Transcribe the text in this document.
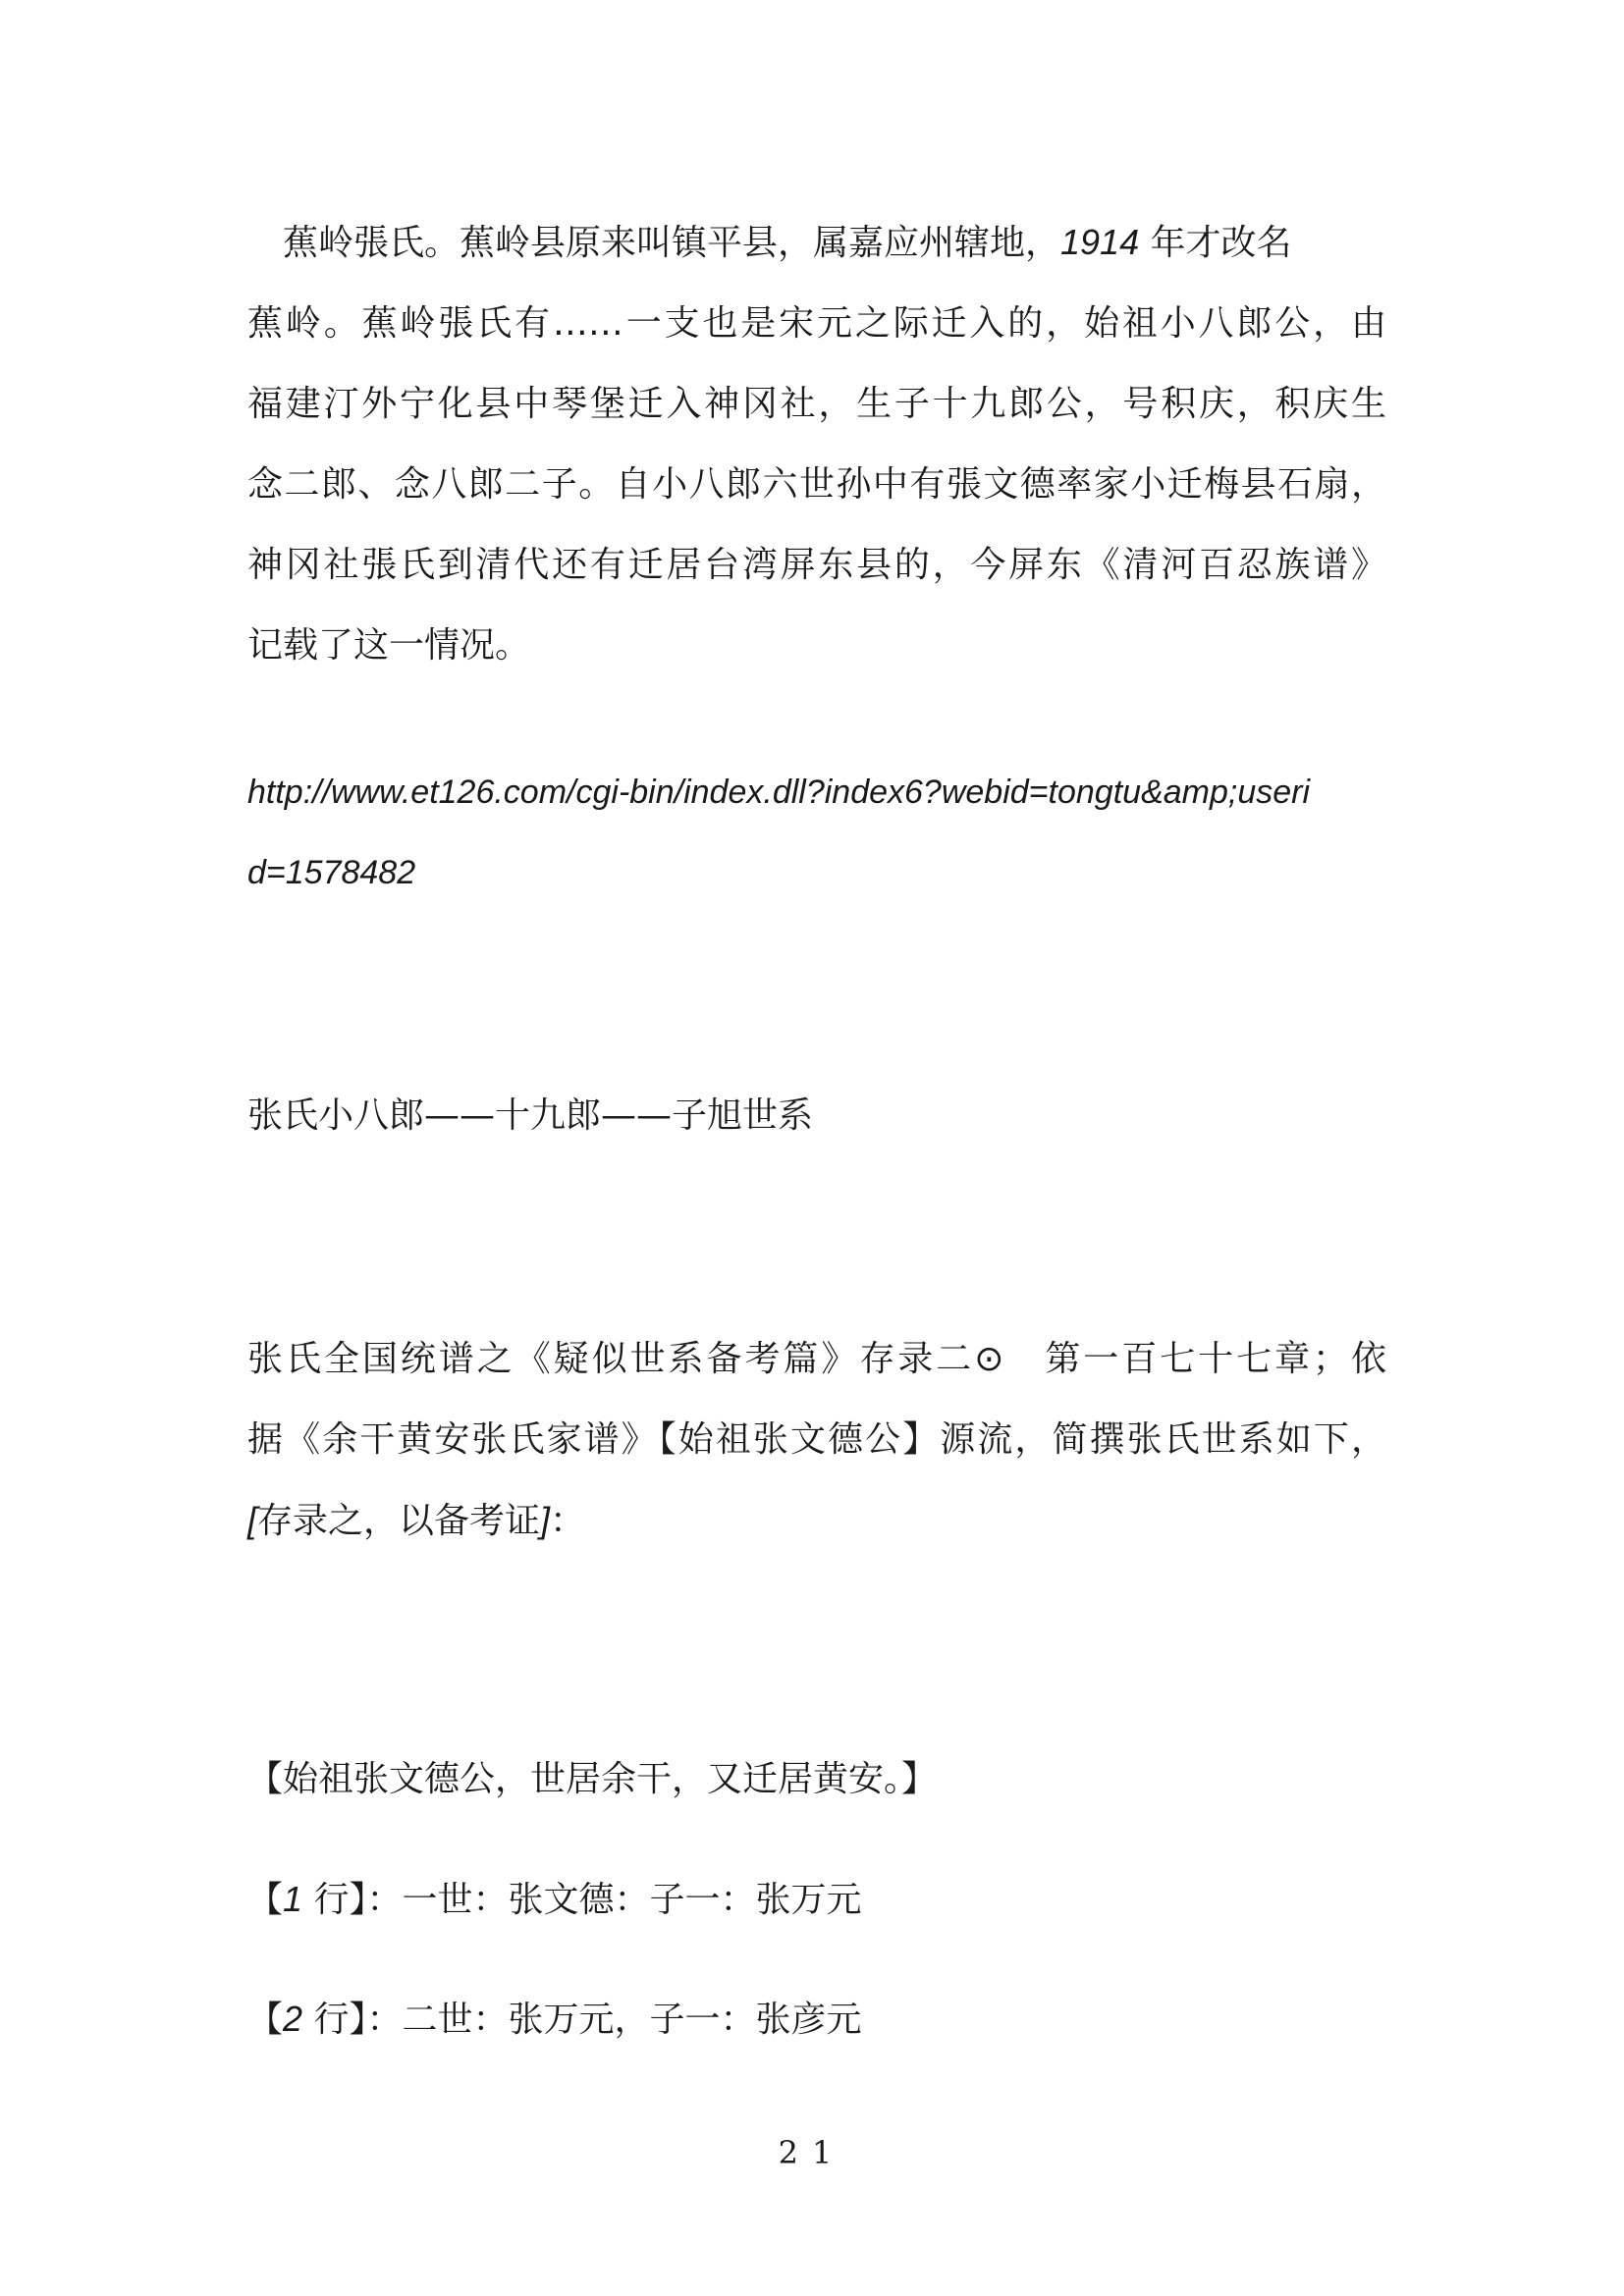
蕉岭張氏。蕉岭县原来叫镇平县，属嘉应州辖地，1914 年才改名
蕉岭。蕉岭張氏有……一支也是宋元之际迁入的，始祖小八郎公，由
福建汀外宁化县中琴堡迁入神冈社，生子十九郎公，号积庆，积庆生
念二郎、念八郎二子。自小八郎六世孙中有張文德率家小迁梅县石扇，
神冈社張氏到清代还有迁居台湾屏东县的，今屏东《清河百忍族谱》
记载了这一情况。
http://www.et126.com/cgi-bin/index.dll?index6?webid=tongtu&amp;useri
d=1578482
张氏小八郎——十九郎——子旭世系
张氏全国统谱之《疑似世系备考篇》存录二⊙　第一百七十七章；依
据《余干黄安张氏家谱》【始祖张文德公】源流，简撰张氏世系如下，
[存录之，以备考证]：
【始祖张文德公，世居余干，又迁居黄安。】
【1 行】：一世：张文德：子一：张万元
【2 行】：二世：张万元，子一：张彦元
21
